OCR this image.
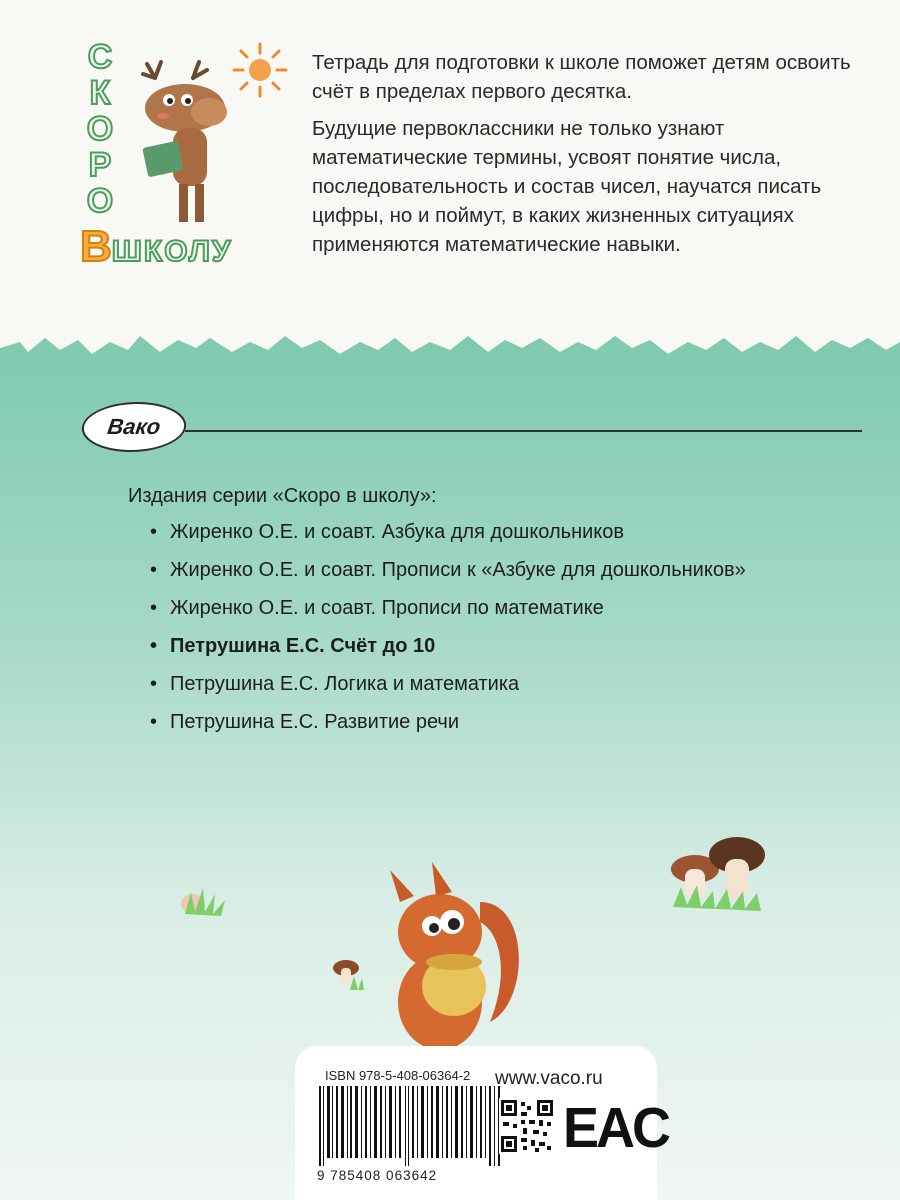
С
К
О
Р
О
В ШКОЛУ

Тетрадь для подготовки к школе поможет детям освоить счёт в пределах первого десятка.

Будущие первоклассники не только узнают математические термины, усвоят понятие числа, последовательность и состав чисел, научатся писать цифры, но и поймут, в каких жизненных ситуациях применяются математические навыки.

Вако
Издания серии «Скоро в школу»:
• Жиренко О.Е. и соавт. Азбука для дошкольников
• Жиренко О.Е. и соавт. Прописи к «Азбуке для дошкольников»
• Жиренко О.Е. и соавт. Прописи по математике
• Петрушина Е.С. Счёт до 10
• Петрушина Е.С. Логика и математика
• Петрушина Е.С. Развитие речи
ISBN 978-5-408-06364-2
9 785408 063642
www.vaco.ru
EAC
